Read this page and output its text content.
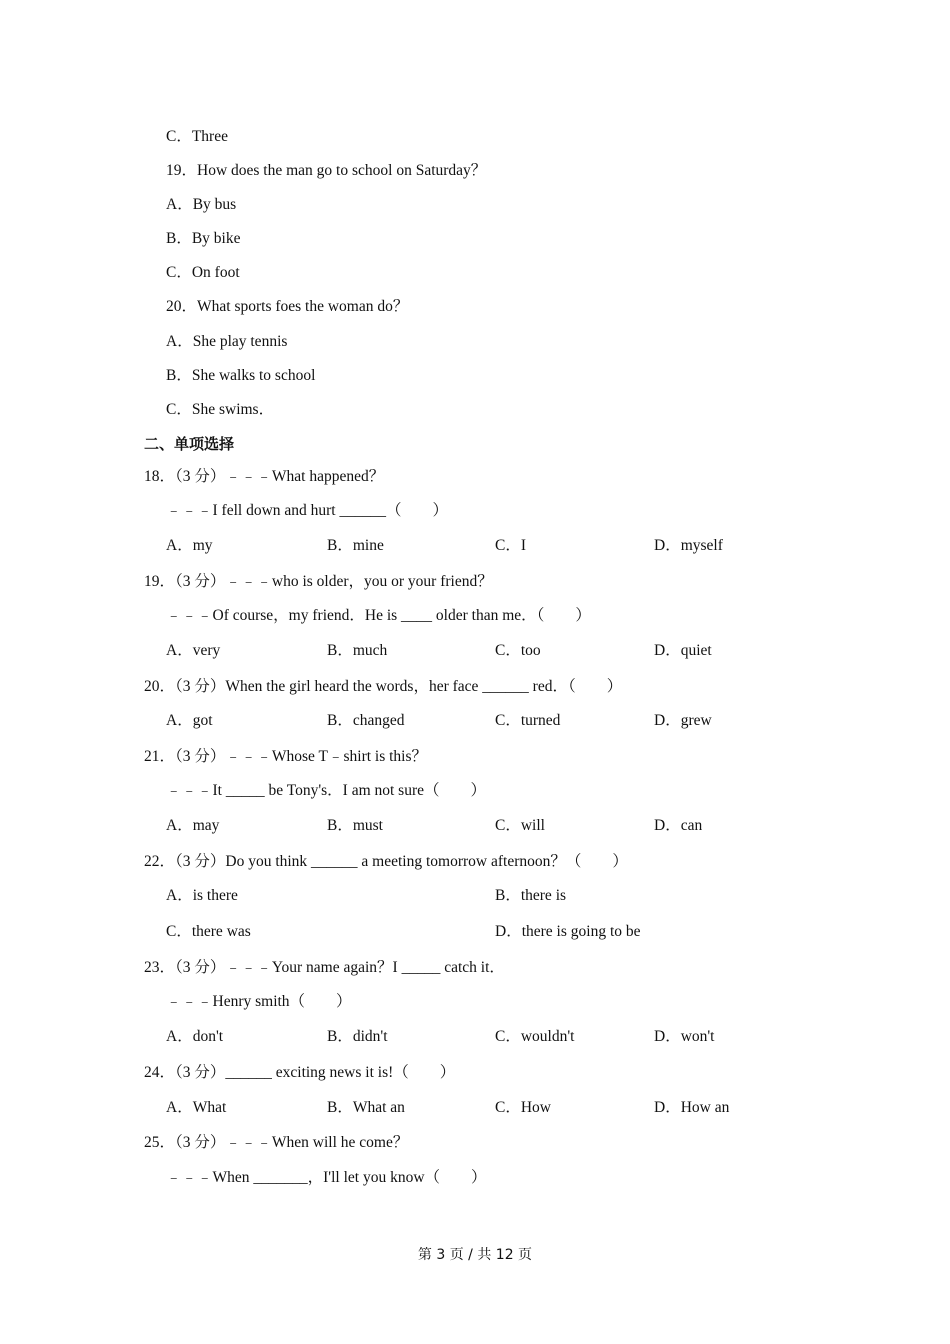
C．Three
19．How does the man go to school on Saturday？
A．By bus
B．By bike
C．On foot
20．What sports foes the woman do？
A．She play tennis
B．She walks to school
C．She swims．
二、单项选择
18．（3 分）﹣﹣﹣What happened？
﹣﹣﹣I fell down and hurt ______（　　）
A．my	B．mine	C．I	D．myself
19．（3 分）﹣﹣﹣who is older，you or your friend？
﹣﹣﹣Of course，my friend．He is ____ older than me．（　　）
A．very	B．much	C．too	D．quiet
20．（3 分）When the girl heard the words，her face ______ red．（　　）
A．got	B．changed	C．turned	D．grew
21．（3 分）﹣﹣﹣Whose T﹣shirt is this？
﹣﹣﹣It _____ be Tony's．I am not sure（　　）
A．may	B．must	C．will	D．can
22．（3 分）Do you think ______ a meeting tomorrow afternoon？（　　）
A．is there	B．there is
C．there was	D．there is going to be
23．（3 分）﹣﹣﹣Your name again？I _____ catch it．
﹣﹣﹣Henry smith（　　）
A．don't	B．didn't	C．wouldn't	D．won't
24．（3 分）______ exciting news it is!（　　）
A．What	B．What an	C．How	D．How an
25．（3 分）﹣﹣﹣When will he come？
﹣﹣﹣When _______，I'll let you know（　　）
第 3 页 / 共 12 页
